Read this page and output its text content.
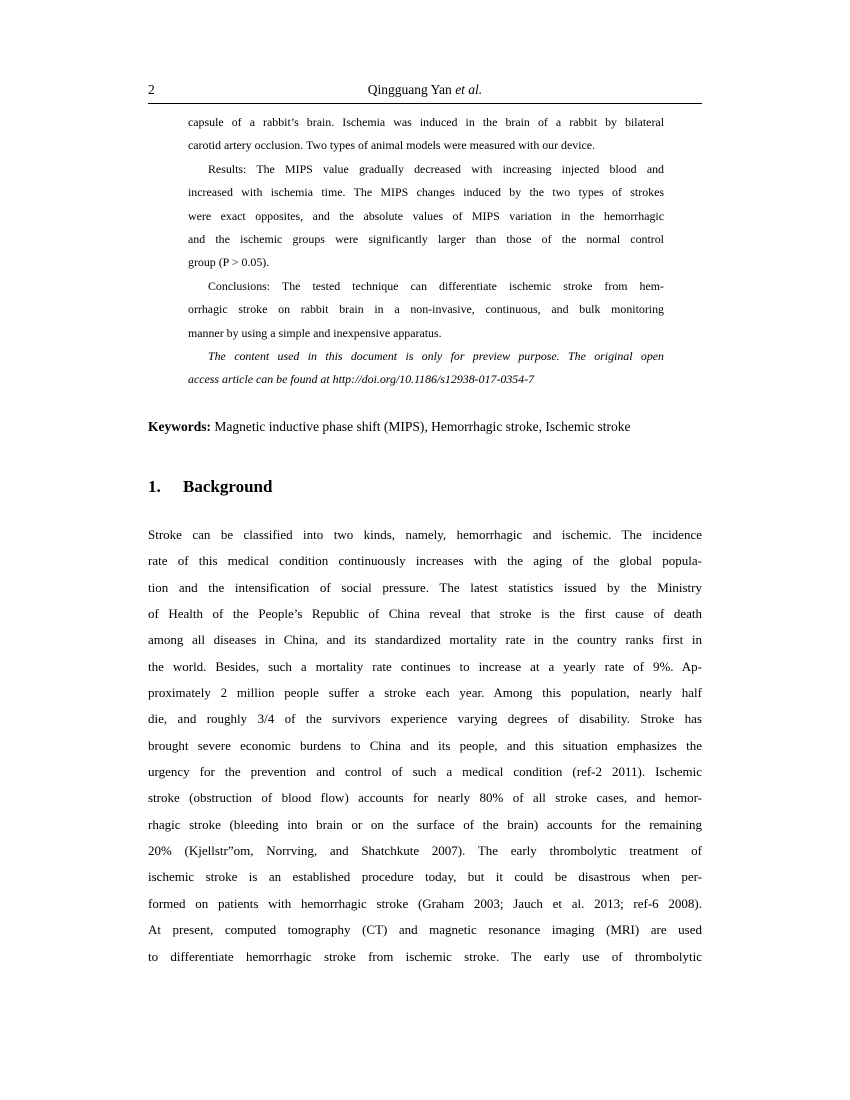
2	Qingguang Yan et al.
capsule of a rabbit’s brain. Ischemia was induced in the brain of a rabbit by bilateral
carotid artery occlusion. Two types of animal models were measured with our device.
Results: The MIPS value gradually decreased with increasing injected blood and
increased with ischemia time. The MIPS changes induced by the two types of strokes
were exact opposites, and the absolute values of MIPS variation in the hemorrhagic
and the ischemic groups were significantly larger than those of the normal control
group (P > 0.05).
Conclusions: The tested technique can differentiate ischemic stroke from hem-
orrhagic stroke on rabbit brain in a non-invasive, continuous, and bulk monitoring
manner by using a simple and inexpensive apparatus.
The content used in this document is only for preview purpose. The original open
access article can be found at http://doi.org/10.1186/s12938-017-0354-7
Keywords: Magnetic inductive phase shift (MIPS), Hemorrhagic stroke, Ischemic stroke
1. Background
Stroke can be classified into two kinds, namely, hemorrhagic and ischemic. The incidence
rate of this medical condition continuously increases with the aging of the global popula-
tion and the intensification of social pressure. The latest statistics issued by the Ministry
of Health of the People’s Republic of China reveal that stroke is the first cause of death
among all diseases in China, and its standardized mortality rate in the country ranks first in
the world. Besides, such a mortality rate continues to increase at a yearly rate of 9%. Ap-
proximately 2 million people suffer a stroke each year. Among this population, nearly half
die, and roughly 3/4 of the survivors experience varying degrees of disability. Stroke has
brought severe economic burdens to China and its people, and this situation emphasizes the
urgency for the prevention and control of such a medical condition (ref-2 2011). Ischemic
stroke (obstruction of blood flow) accounts for nearly 80% of all stroke cases, and hemor-
rhagic stroke (bleeding into brain or on the surface of the brain) accounts for the remaining
20% (Kjellstr”om, Norrving, and Shatchkute 2007). The early thrombolytic treatment of
ischemic stroke is an established procedure today, but it could be disastrous when per-
formed on patients with hemorrhagic stroke (Graham 2003; Jauch et al. 2013; ref-6 2008).
At present, computed tomography (CT) and magnetic resonance imaging (MRI) are used
to differentiate hemorrhagic stroke from ischemic stroke. The early use of thrombolytic
